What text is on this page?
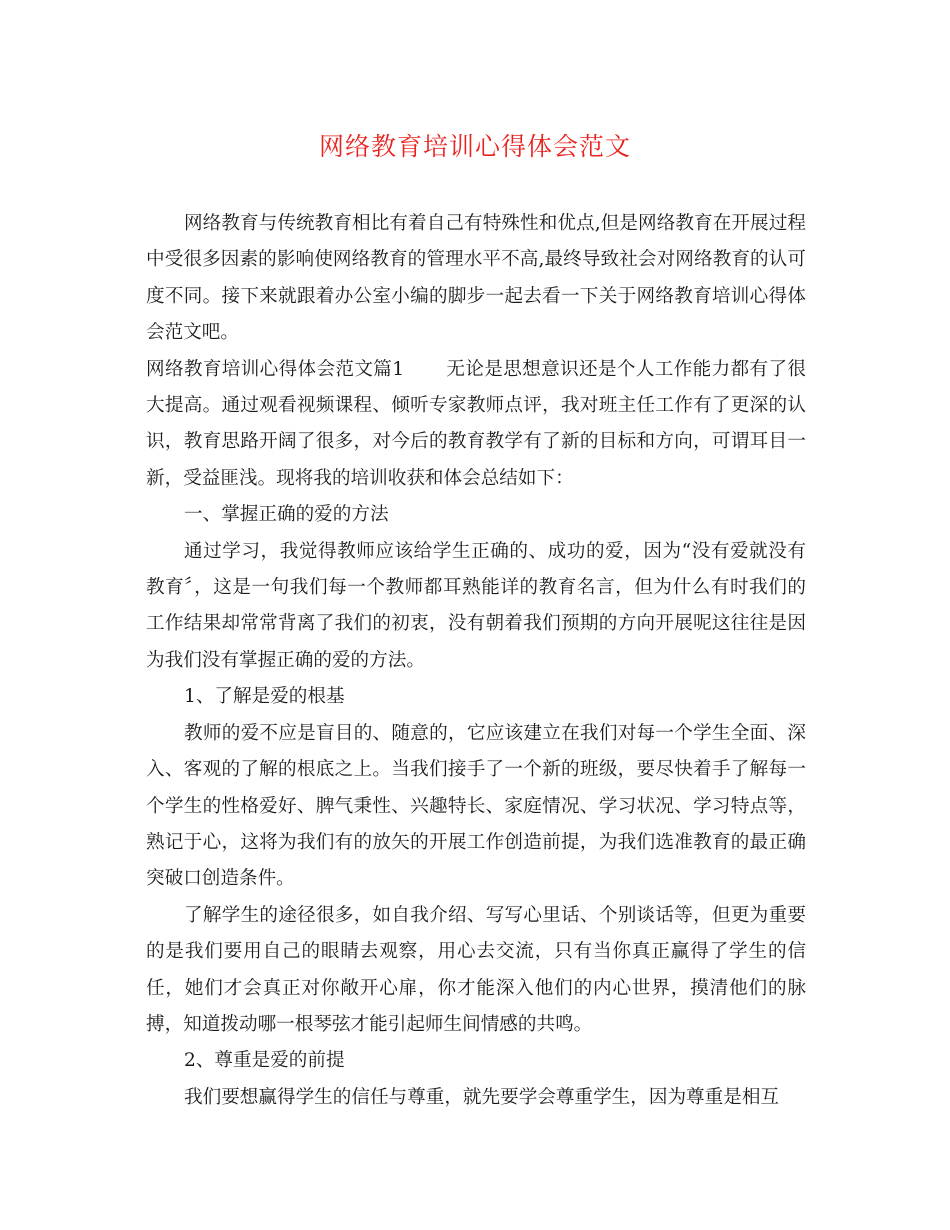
网络教育培训心得体会范文

网络教育与传统教育相比有着自己有特殊性和优点,但是网络教育在开展过程中受很多因素的影响使网络教育的管理水平不高,最终导致社会对网络教育的认可度不同。接下来就跟着办公室小编的脚步一起去看一下关于网络教育培训心得体会范文吧。

网络教育培训心得体会范文篇1 无论是思想意识还是个人工作能力都有了很大提高。通过观看视频课程、倾听专家教师点评，我对班主任工作有了更深的认识，教育思路开阔了很多，对今后的教育教学有了新的目标和方向，可谓耳目一新，受益匪浅。现将我的培训收获和体会总结如下：

一、掌握正确的爱的方法

通过学习，我觉得教师应该给学生正确的、成功的爱，因为“没有爱就没有教育〞，这是一句我们每一个教师都耳熟能详的教育名言，但为什么有时我们的工作结果却常常背离了我们的初衷，没有朝着我们预期的方向开展呢这往往是因为我们没有掌握正确的爱的方法。

1、了解是爱的根基

教师的爱不应是盲目的、随意的，它应该建立在我们对每一个学生全面、深入、客观的了解的根底之上。当我们接手了一个新的班级，要尽快着手了解每一个学生的性格爱好、脾气秉性、兴趣特长、家庭情况、学习状况、学习特点等，熟记于心，这将为我们有的放矢的开展工作创造前提，为我们选准教育的最正确突破口创造条件。

了解学生的途径很多，如自我介绍、写写心里话、个别谈话等，但更为重要的是我们要用自己的眼睛去观察，用心去交流，只有当你真正赢得了学生的信任，她们才会真正对你敞开心扉，你才能深入他们的内心世界，摸清他们的脉搏，知道拨动哪一根琴弦才能引起师生间情感的共鸣。

2、尊重是爱的前提

我们要想赢得学生的信任与尊重，就先要学会尊重学生，因为尊重是相互
